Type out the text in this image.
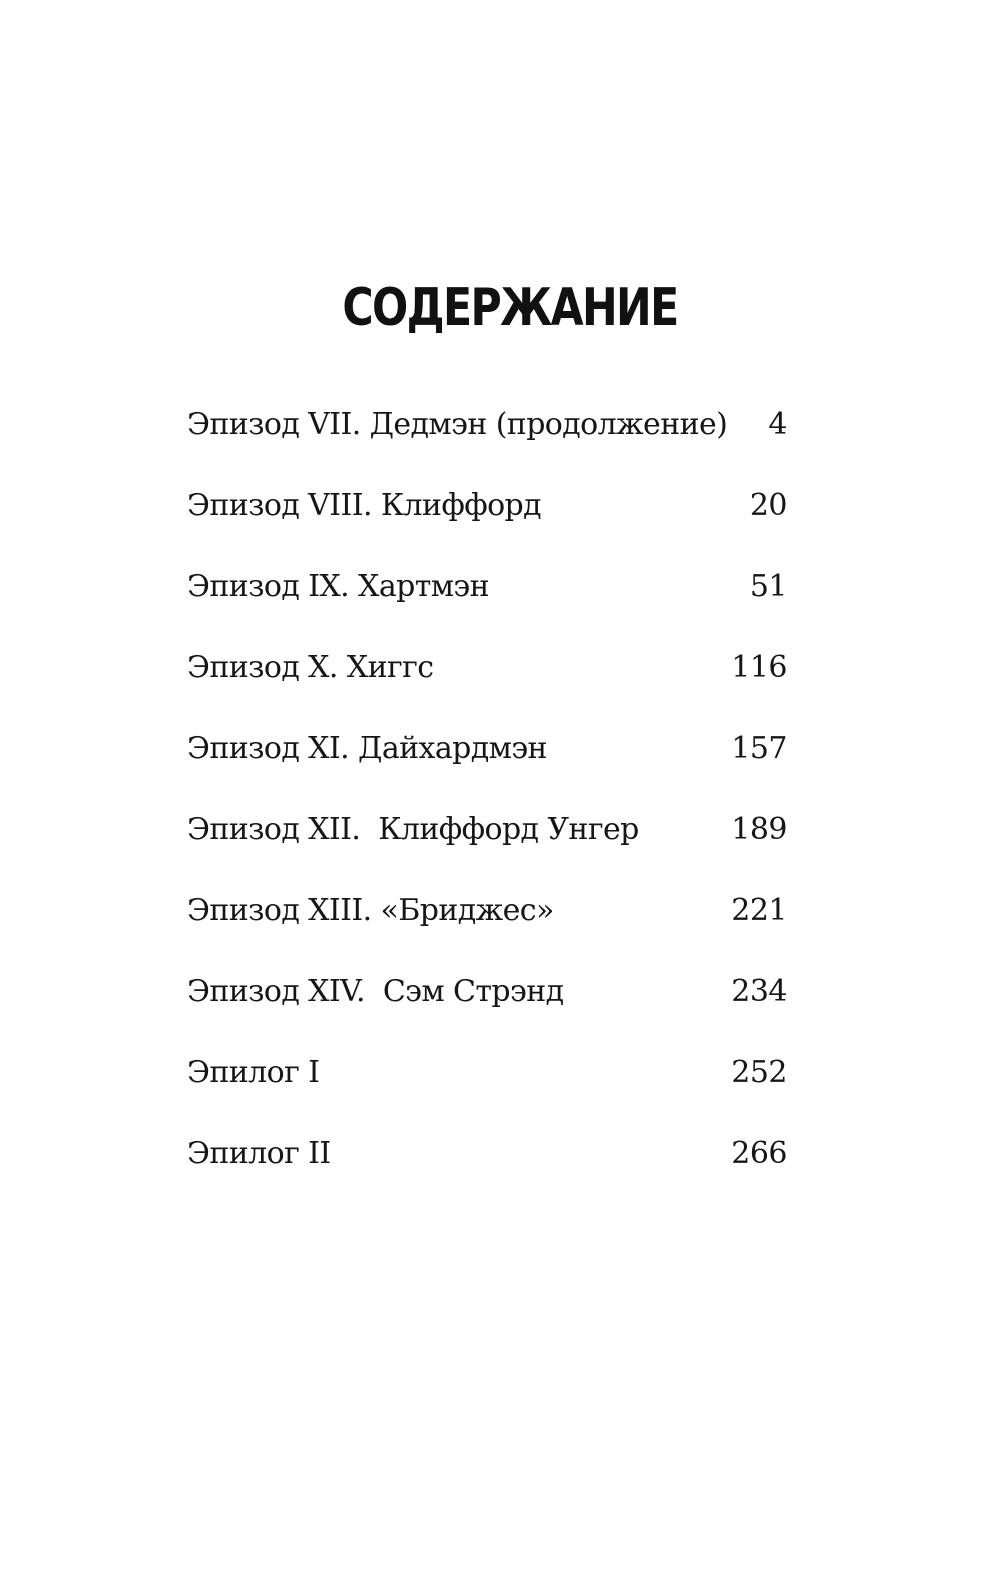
СОДЕРЖАНИЕ
Эпизод VII. Дедмэн (продолжение) 4
Эпизод VIII. Клиффорд	20
Эпизод IX. Хартмэн	51
Эпизод X. Хиггс	116
Эпизод XI. Дайхардмэн	157
Эпизод XII.  Клиффорд Унгер	189
Эпизод XIII. «Бриджес»	221
Эпизод XIV.  Сэм Стрэнд	234
Эпилог I	252
Эпилог II	266
